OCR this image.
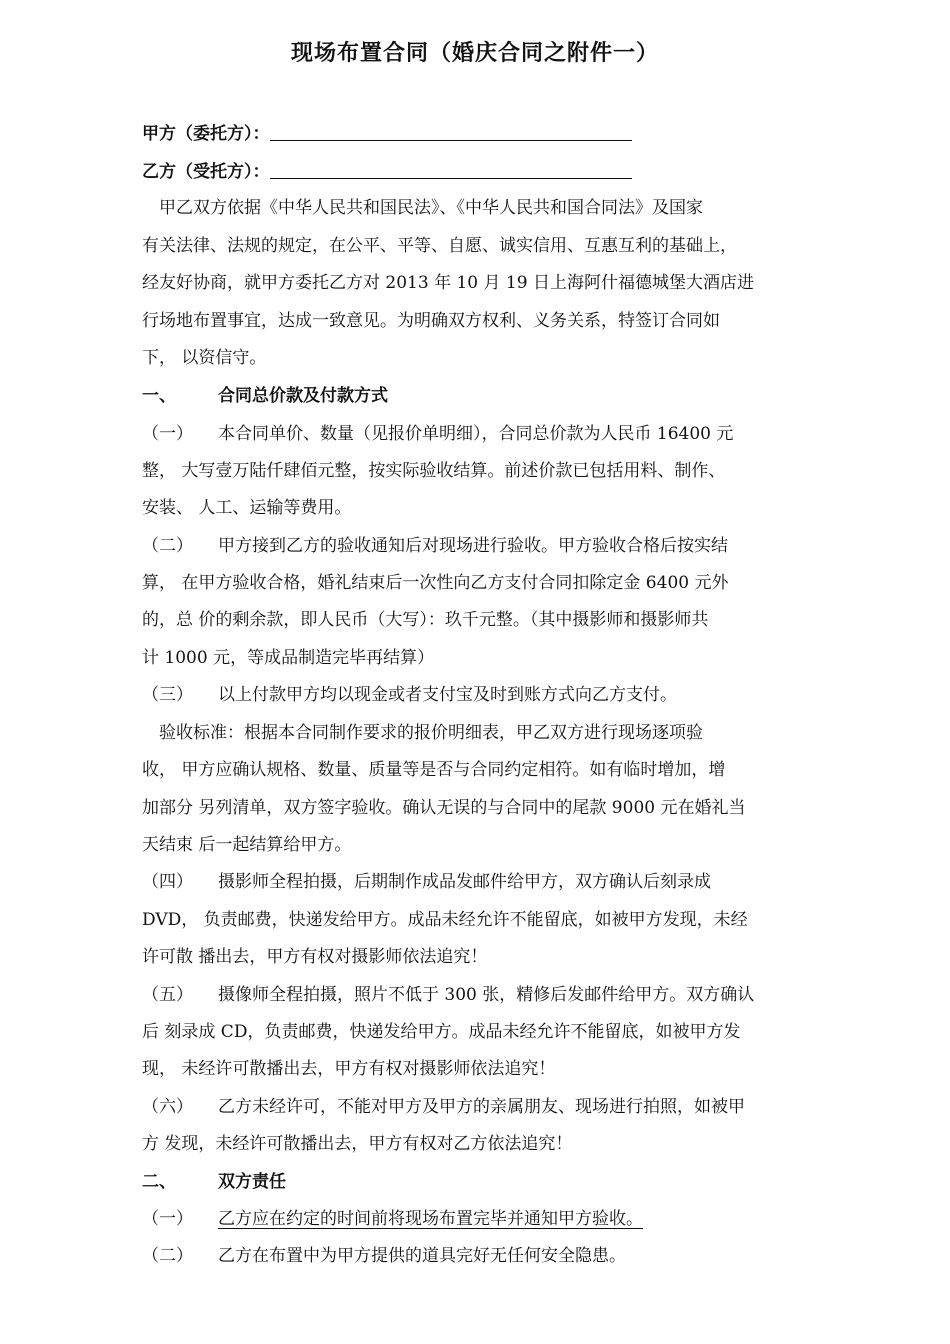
现场布置合同（婚庆合同之附件一）
甲方（委托方）：
乙方（受托方）：
　甲乙双方依据《中华人民共和国民法》、《中华人民共和国合同法》及国家
有关法律、法规的规定，在公平、平等、自愿、诚实信用、互惠互利的基础上，
经友好协商，就甲方委托乙方对 2013 年 10 月 19 日上海阿什福德城堡大酒店进
行场地布置事宜，达成一致意见。为明确双方权利、义务关系，特签订合同如
下， 以资信守。
一、 合同总价款及付款方式
（一） 本合同单价、数量（见报价单明细），合同总价款为人民币 16400 元
整， 大写壹万陆仟肆佰元整，按实际验收结算。前述价款已包括用料、制作、
安装、 人工、运输等费用。
（二） 甲方接到乙方的验收通知后对现场进行验收。甲方验收合格后按实结
算， 在甲方验收合格，婚礼结束后一次性向乙方支付合同扣除定金 6400 元外
的，总 价的剩余款，即人民币（大写）：玖千元整。（其中摄影师和摄影师共
计 1000 元，等成品制造完毕再结算）
（三） 以上付款甲方均以现金或者支付宝及时到账方式向乙方支付。
　验收标准：根据本合同制作要求的报价明细表，甲乙双方进行现场逐项验
收， 甲方应确认规格、数量、质量等是否与合同约定相符。如有临时增加，增
加部分 另列清单，双方签字验收。确认无误的与合同中的尾款 9000 元在婚礼当
天结束 后一起结算给甲方。
（四） 摄影师全程拍摄，后期制作成品发邮件给甲方，双方确认后刻录成
DVD， 负责邮费，快递发给甲方。成品未经允许不能留底，如被甲方发现，未经
许可散 播出去，甲方有权对摄影师依法追究！
（五） 摄像师全程拍摄，照片不低于 300 张，精修后发邮件给甲方。双方确认
后 刻录成 CD，负责邮费，快递发给甲方。成品未经允许不能留底，如被甲方发
现， 未经许可散播出去，甲方有权对摄影师依法追究！
（六） 乙方未经许可，不能对甲方及甲方的亲属朋友、现场进行拍照，如被甲
方 发现，未经许可散播出去，甲方有权对乙方依法追究！
二、 双方责任
（一） 乙方应在约定的时间前将现场布置完毕并通知甲方验收。
（二） 乙方在布置中为甲方提供的道具完好无任何安全隐患。
